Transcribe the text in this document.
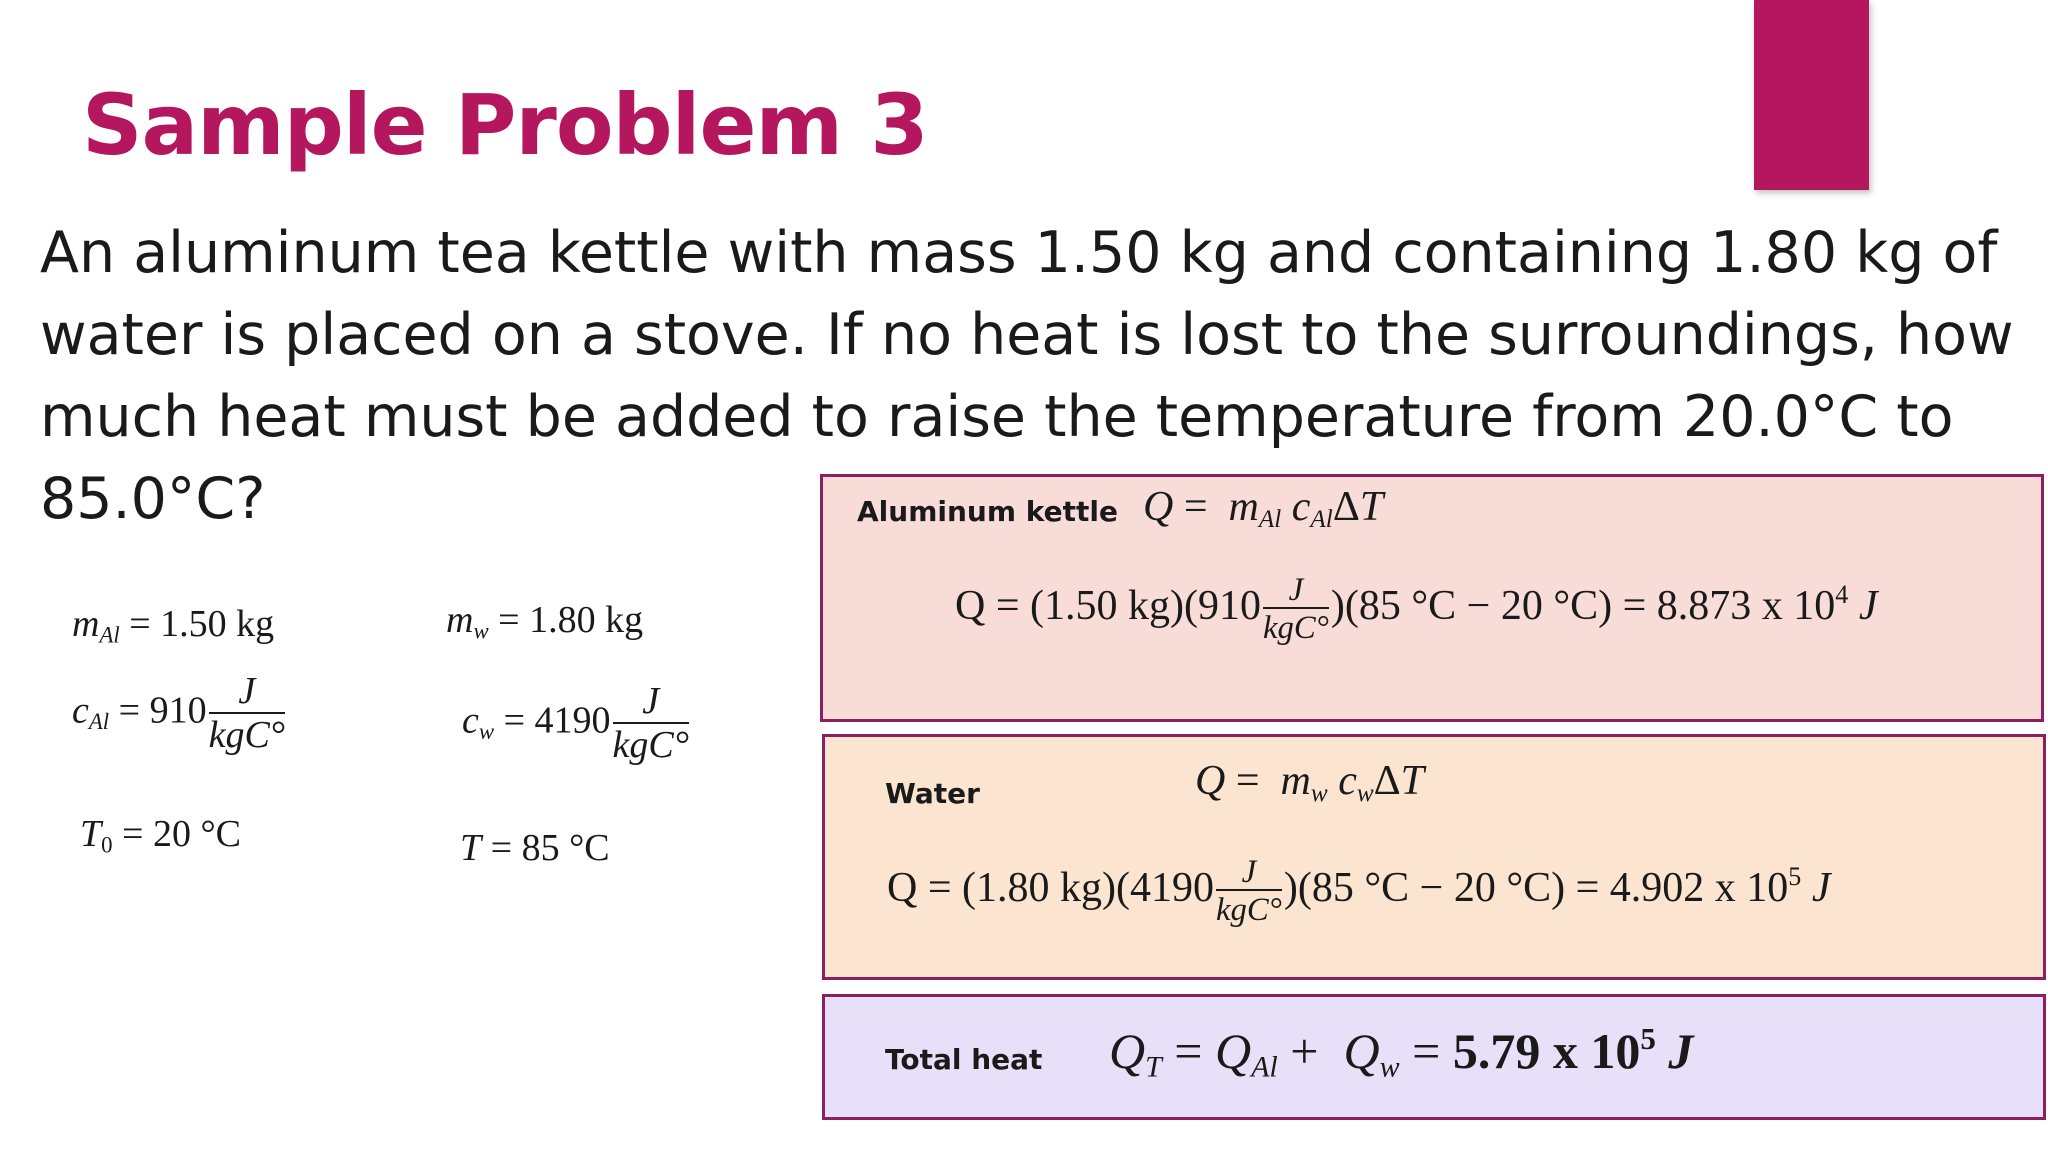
Sample Problem 3
An aluminum tea kettle with mass 1.50 kg and containing 1.80 kg of
water is placed on a stove. If no heat is lost to the surroundings, how
much heat must be added to raise the temperature from 20.0°C to
85.0°C?
$m_{Al} = 1.50$ kg	$m_w = 1.80$ kg
$c_{Al} = 910 \frac{J}{\text{kgC°}}$	$c_w = 4190 \frac{J}{\text{kgC°}}$
$T_0 = 20$ °C	T = 85 °C
Aluminum kettle $Q = m_{Al}$ $c_{Al}\Delta T$
Q = (1.50 $kg)(910 \frac{J}{\text{kgC°}} )(85$ °C − 20 °C) = 8.873 x $10^4$ J
Water	$Q = m_w$ $c_w\Delta T$
Q = (1.80 $kg)(4190 \frac{J}{\text{kgC°}} )(85$ °C − 20 °C) = 4.902 x $10^5$ J
Total heat $Q_T = Q_{Al} + Q_w = 5.79$ x $10^5$ J
